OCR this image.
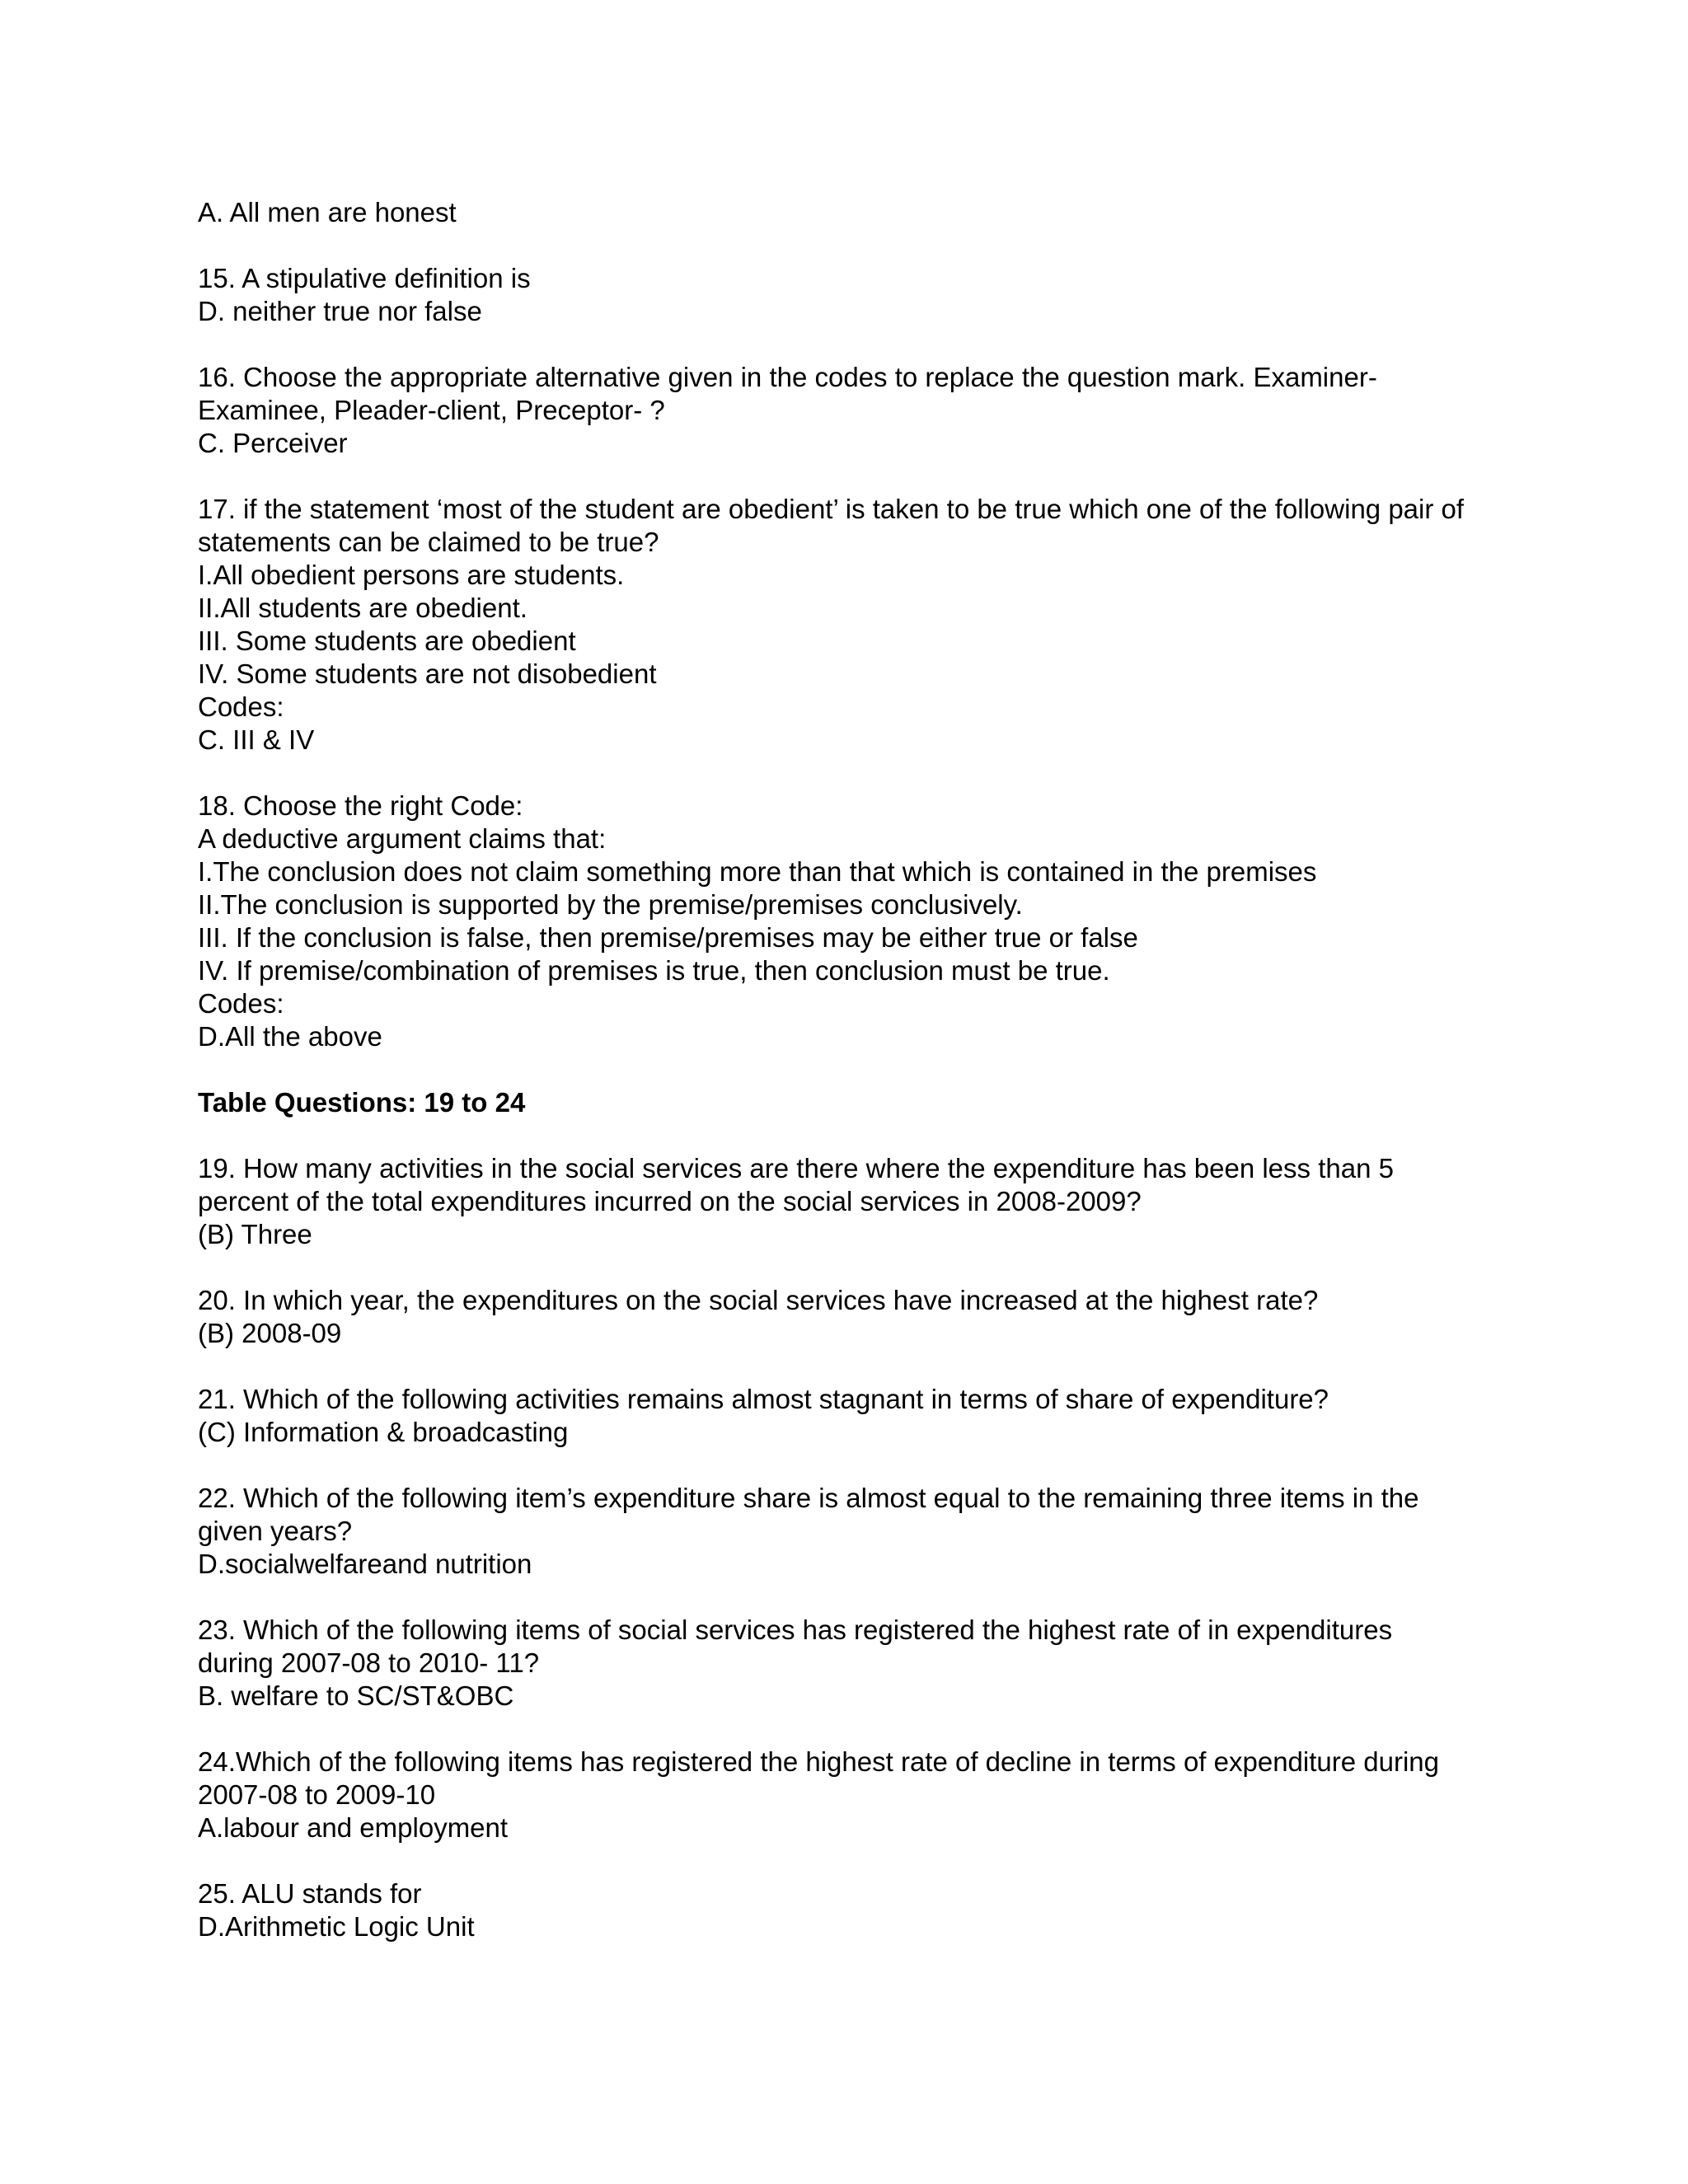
A. All men are honest
15. A stipulative definition is
D. neither true nor false
16. Choose the appropriate alternative given in the codes to replace the question mark. Examiner-
Examinee, Pleader-client, Preceptor- ?
C. Perceiver
17. if the statement ‘most of the student are obedient’ is taken to be true which one of the following pair of
statements can be claimed to be true?
I.All obedient persons are students.
II.All students are obedient.
III. Some students are obedient
IV. Some students are not disobedient
Codes:
C. III & IV
18. Choose the right Code:
A deductive argument claims that:
I.The conclusion does not claim something more than that which is contained in the premises
II.The conclusion is supported by the premise/premises conclusively.
III. If the conclusion is false, then premise/premises may be either true or false
IV. If premise/combination of premises is true, then conclusion must be true.
Codes:
D.All the above
Table Questions: 19 to 24
19. How many activities in the social services are there where the expenditure has been less than 5
percent of the total expenditures incurred on the social services in 2008-2009?
(B) Three
20. In which year, the expenditures on the social services have increased at the highest rate?
(B) 2008-09
21. Which of the following activities remains almost stagnant in terms of share of expenditure?
(C) Information & broadcasting
22. Which of the following item’s expenditure share is almost equal to the remaining three items in the
given years?
D.socialwelfareand nutrition
23. Which of the following items of social services has registered the highest rate of in expenditures
during 2007-08 to 2010- 11?
B. welfare to SC/ST&OBC
24.Which of the following items has registered the highest rate of decline in terms of expenditure during
2007-08 to 2009-10
A.labour and employment
25. ALU stands for
D.Arithmetic Logic Unit
